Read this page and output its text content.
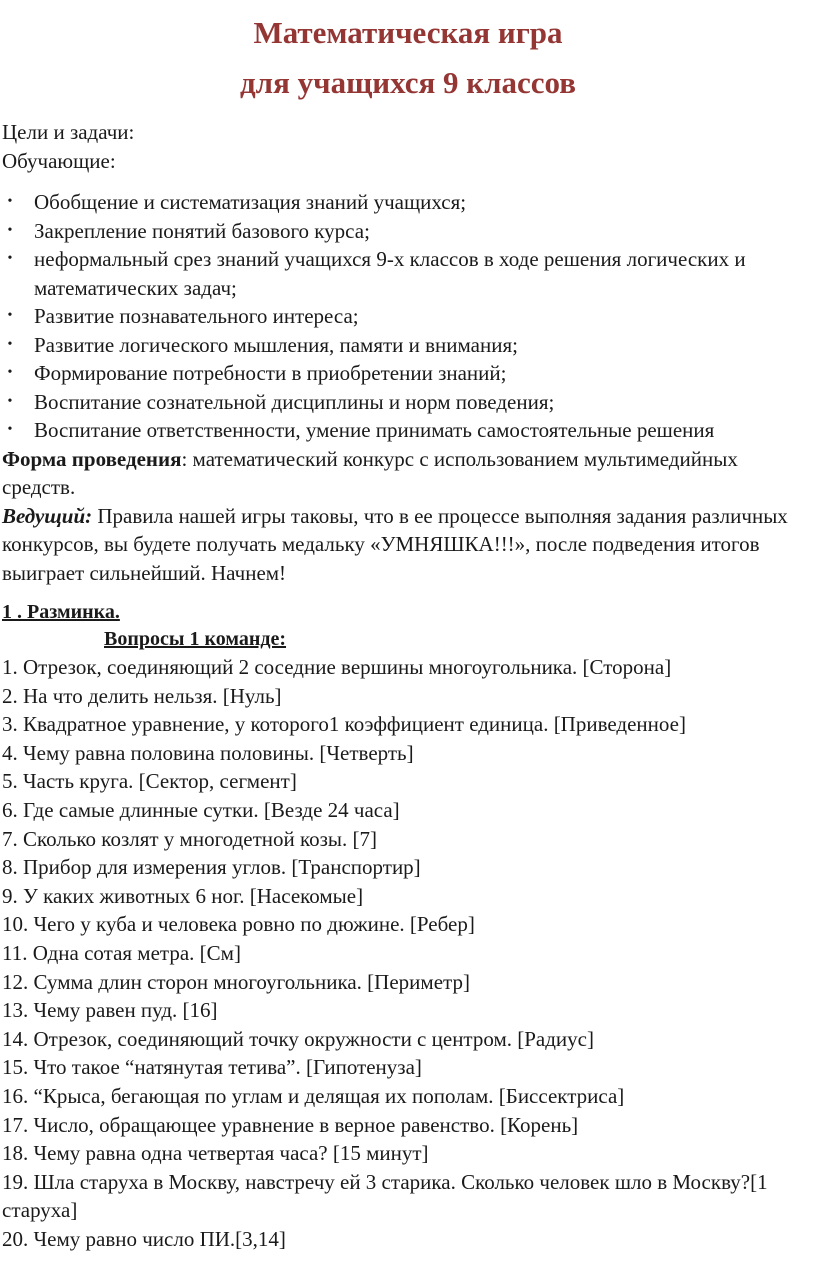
Математическая игра
для учащихся 9 классов

Цели и задачи:

Обучающие:

• Обобщение и систематизация знаний учащихся;
• Закрепление понятий базового курса;
• неформальный срез знаний учащихся 9-х классов в ходе решения логических и математических задач;
• Развитие познавательного интереса;
• Развитие логического мышления, памяти и внимания;
• Формирование потребности в приобретении знаний;
• Воспитание сознательной дисциплины и норм поведения;
• Воспитание ответственности, умение принимать самостоятельные решения

Форма проведения: математический конкурс с использованием мультимедийных средств.

Ведущий: Правила нашей игры таковы, что в ее процессе выполняя задания различных конкурсов, вы будете получать медальку «УМНЯШКА!!!», после подведения итогов выиграет сильнейший. Начнем!

1 . Разминка.

Вопросы 1 команде:

1. Отрезок, соединяющий 2 соседние вершины многоугольника. [Сторона]
2. На что делить нельзя. [Нуль]
3. Квадратное уравнение, у которого1 коэффициент единица. [Приведенное]
4. Чему равна половина половины. [Четверть]
5. Часть круга. [Сектор, сегмент]
6. Где самые длинные сутки. [Везде 24 часа]
7. Сколько козлят у многодетной козы. [7]
8. Прибор для измерения углов. [Транспортир]
9. У каких животных 6 ног. [Насекомые]
10. Чего у куба и человека ровно по дюжине. [Ребер]
11. Одна сотая метра. [См]
12. Сумма длин сторон многоугольника. [Периметр]
13. Чему равен пуд. [16]
14. Отрезок, соединяющий точку окружности с центром. [Радиус]
15. Что такое “натянутая тетива”. [Гипотенуза]
16. “Крыса, бегающая по углам и делящая их пополам. [Биссектриса]
17. Число, обращающее уравнение в верное равенство. [Корень]
18. Чему равна одна четвертая часа? [15 минут]
19. Шла старуха в Москву, навстречу ей 3 старика. Сколько человек шло в Москву?[1 старуха]
20. Чему равно число ПИ.[3,14]
